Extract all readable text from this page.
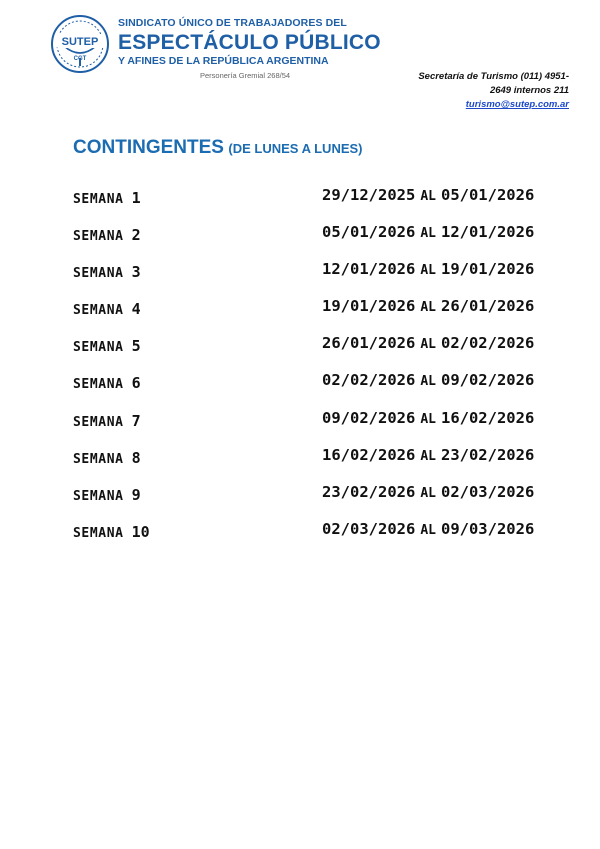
SUTEP
CGT
SINDICATO ÚNICO DE TRABAJADORES DEL
ESPECTÁCULO PÚBLICO
Y AFINES DE LA REPÚBLICA ARGENTINA
Personería Gremial 268/54	Secretaría de Turismo (011) 4951-
2649 internos 211
turismo@sutep.com.ar
CONTINGENTES (DE LUNES A LUNES)
SEMANA 1	29/12/2025 AL 05/01/2026
SEMANA 2	05/01/2026 AL 12/01/2026
SEMANA 3	12/01/2026 AL 19/01/2026
SEMANA 4	19/01/2026 AL 26/01/2026
SEMANA 5	26/01/2026 AL 02/02/2026
SEMANA 6	02/02/2026 AL 09/02/2026
SEMANA 7	09/02/2026 AL 16/02/2026
SEMANA 8	16/02/2026 AL 23/02/2026
SEMANA 9	23/02/2026 AL 02/03/2026
SEMANA 10	02/03/2026 AL 09/03/2026
